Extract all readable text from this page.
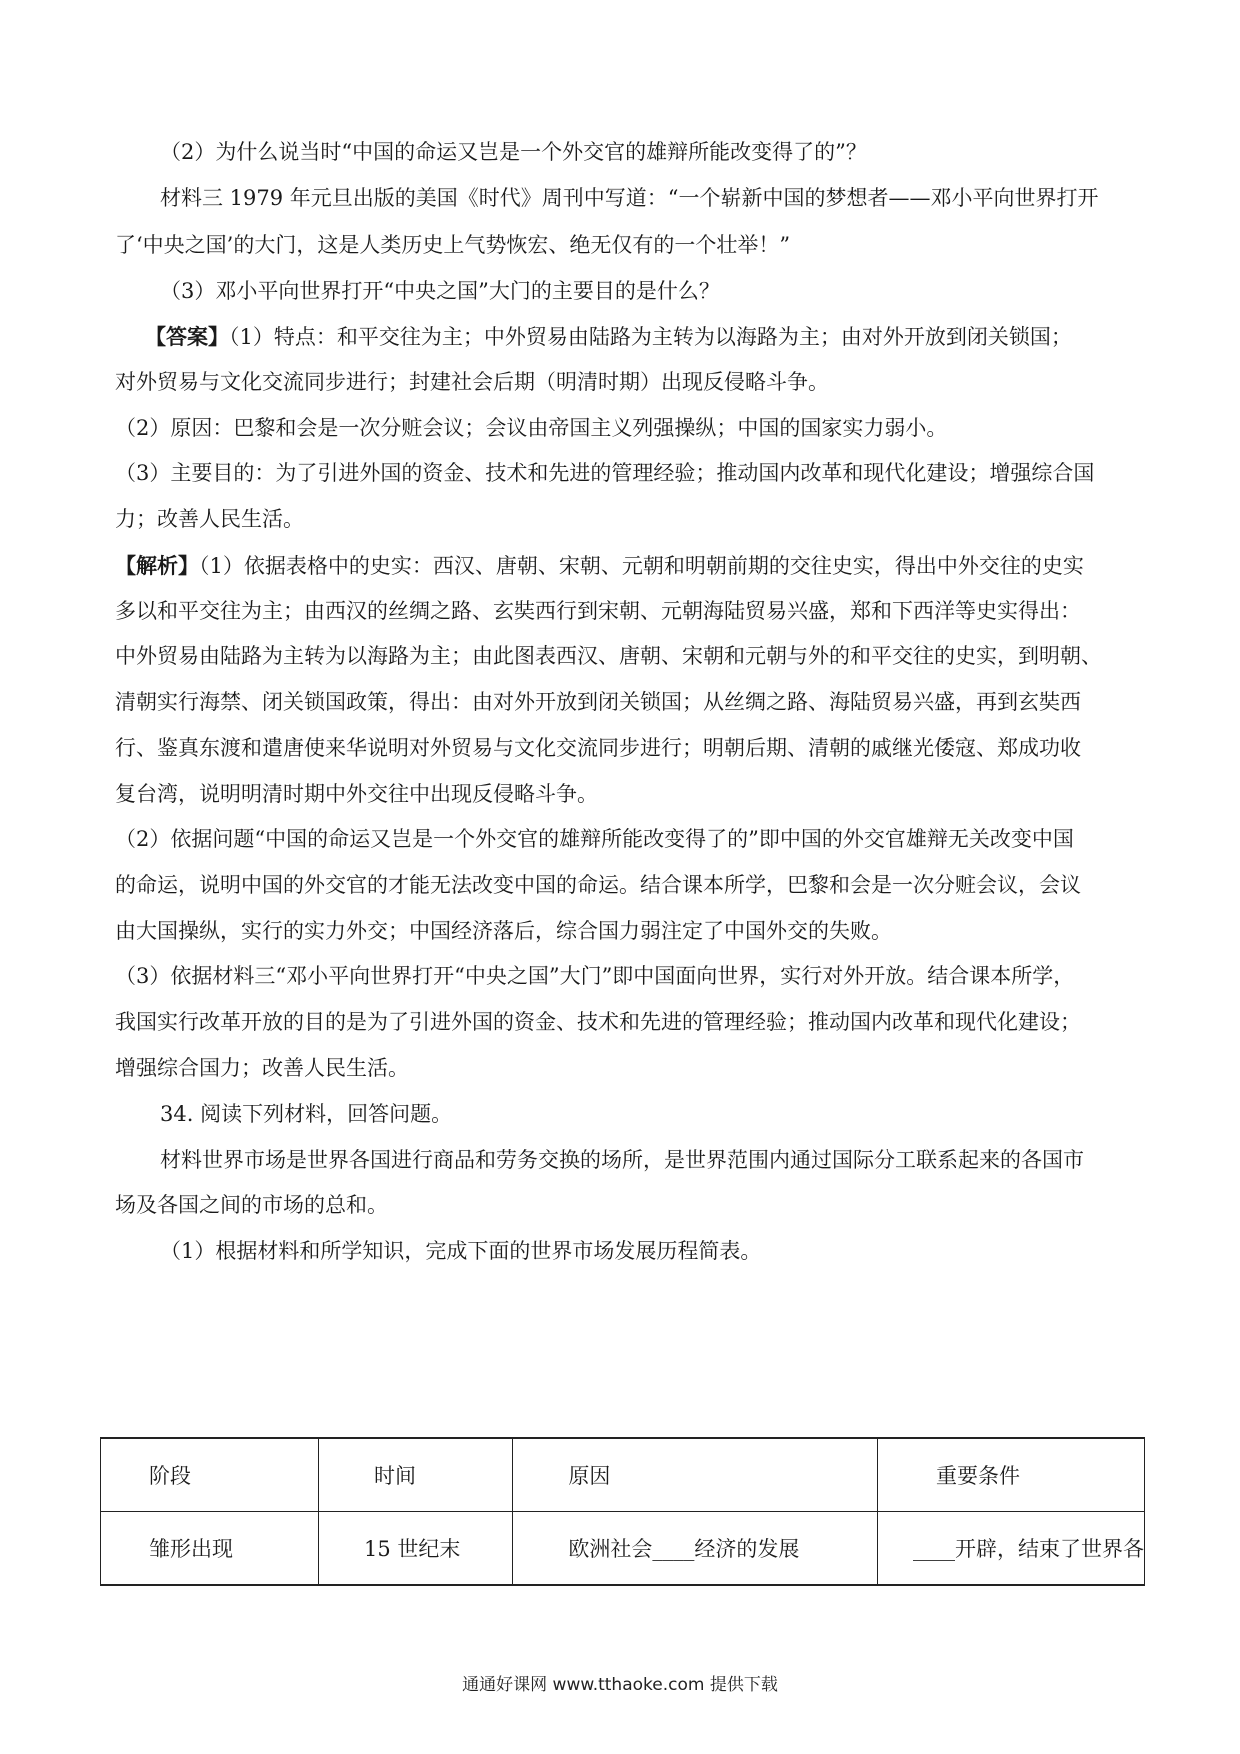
（2）为什么说当时“中国的命运又岂是一个外交官的雄辩所能改变得了的”？
材料三 1979 年元旦出版的美国《时代》周刊中写道：“一个崭新中国的梦想者——邓小平向世界打开
了‘中央之国’的大门，这是人类历史上气势恢宏、绝无仅有的一个壮举！”
（3）邓小平向世界打开“中央之国”大门的主要目的是什么？
【答案】（1）特点：和平交往为主；中外贸易由陆路为主转为以海路为主；由对外开放到闭关锁国；
对外贸易与文化交流同步进行；封建社会后期（明清时期）出现反侵略斗争。
（2）原因：巴黎和会是一次分赃会议；会议由帝国主义列强操纵；中国的国家实力弱小。
（3）主要目的：为了引进外国的资金、技术和先进的管理经验；推动国内改革和现代化建设；增强综合国
力；改善人民生活。
【解析】（1）依据表格中的史实：西汉、唐朝、宋朝、元朝和明朝前期的交往史实，得出中外交往的史实
多以和平交往为主；由西汉的丝绸之路、玄奘西行到宋朝、元朝海陆贸易兴盛，郑和下西洋等史实得出：
中外贸易由陆路为主转为以海路为主；由此图表西汉、唐朝、宋朝和元朝与外的和平交往的史实，到明朝、
清朝实行海禁、闭关锁国政策，得出：由对外开放到闭关锁国；从丝绸之路、海陆贸易兴盛，再到玄奘西
行、鉴真东渡和遣唐使来华说明对外贸易与文化交流同步进行；明朝后期、清朝的戚继光倭寇、郑成功收
复台湾，说明明清时期中外交往中出现反侵略斗争。
（2）依据问题“中国的命运又岂是一个外交官的雄辩所能改变得了的”即中国的外交官雄辩无关改变中国
的命运，说明中国的外交官的才能无法改变中国的命运。结合课本所学，巴黎和会是一次分赃会议，会议
由大国操纵，实行的实力外交；中国经济落后，综合国力弱注定了中国外交的失败。
（3）依据材料三“邓小平向世界打开“中央之国”大门”即中国面向世界，实行对外开放。结合课本所学，
我国实行改革开放的目的是为了引进外国的资金、技术和先进的管理经验；推动国内改革和现代化建设；
增强综合国力；改善人民生活。
34. 阅读下列材料，回答问题。
材料世界市场是世界各国进行商品和劳务交换的场所，是世界范围内通过国际分工联系起来的各国市
场及各国之间的市场的总和。
（1）根据材料和所学知识，完成下面的世界市场发展历程简表。
阶段	时间	原因	重要条件
雏形出现	15 世纪末	欧洲社会____经济的发展	____开辟，结束了世界各
通通好课网 www.tthaoke.com 提供下载
